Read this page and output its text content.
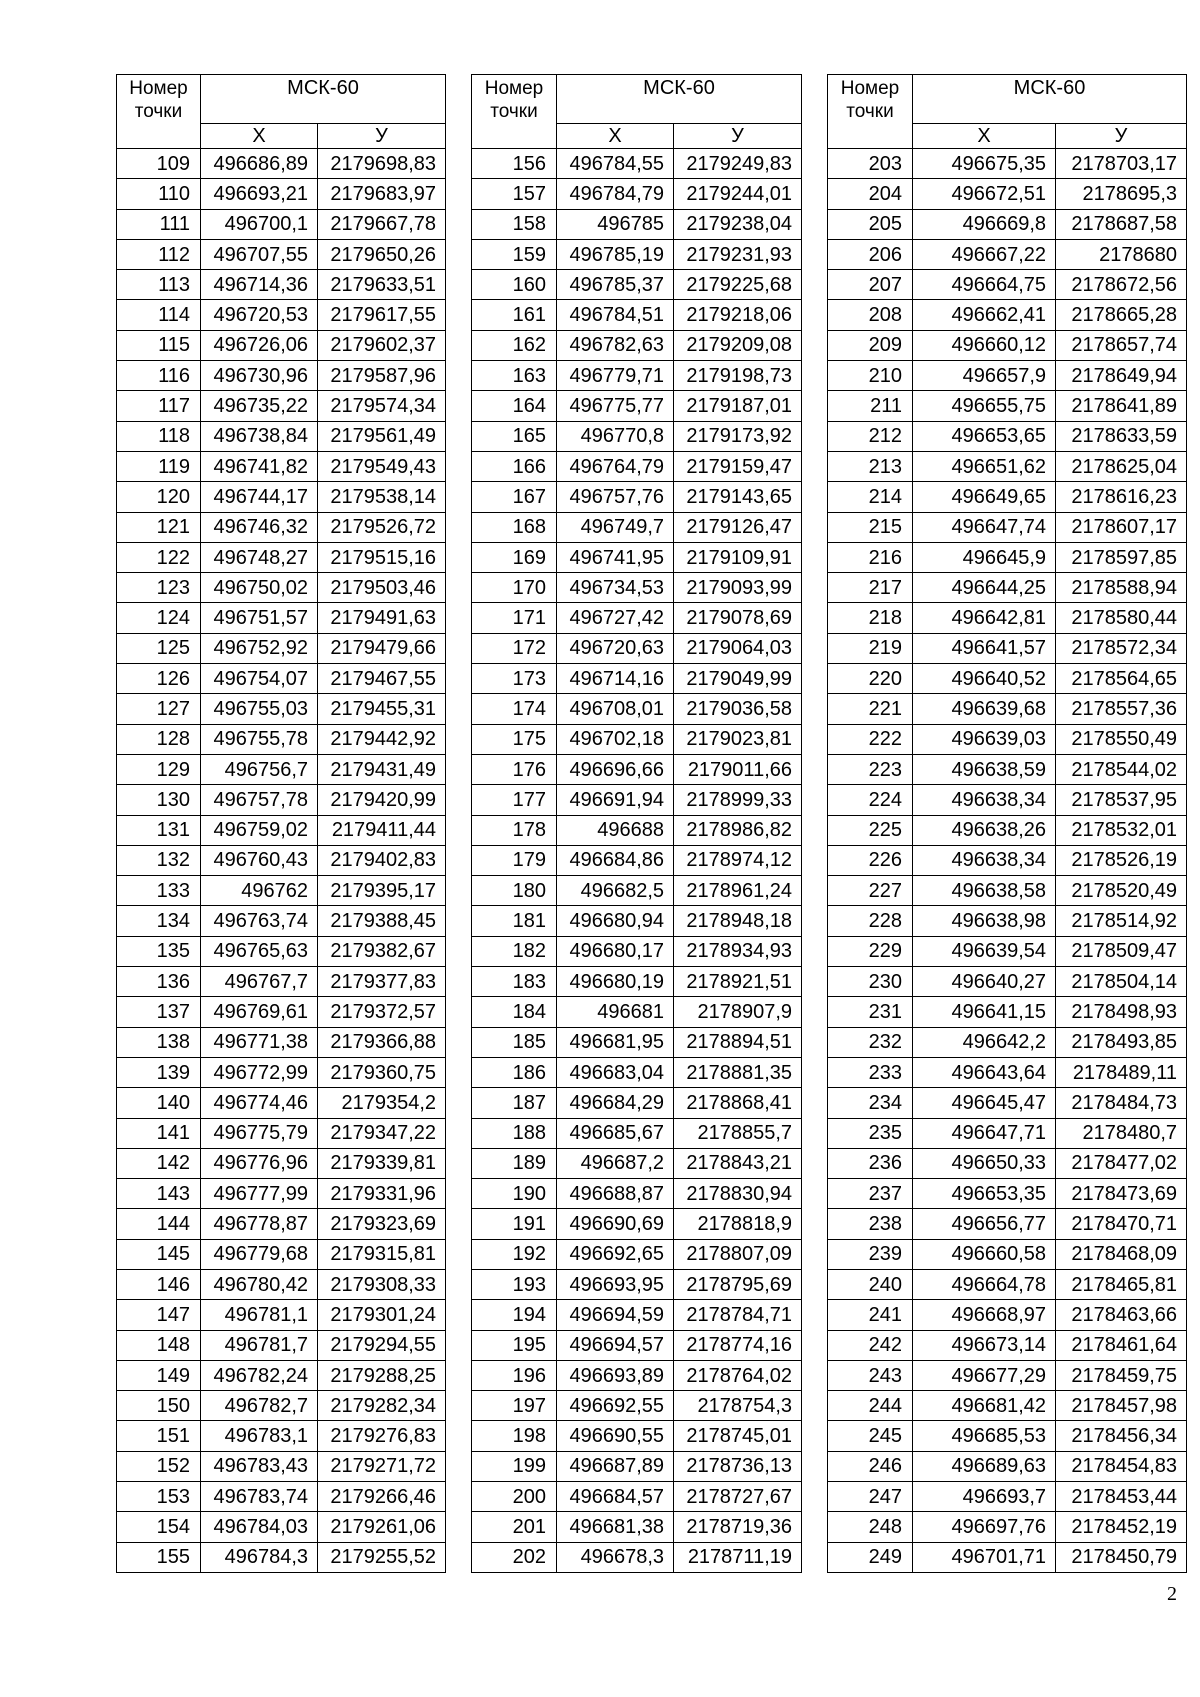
Номер
точки	МСК-60	
	X	У
109	496686,89	2179698,83
110	496693,21	2179683,97
111	496700,1	2179667,78
112	496707,55	2179650,26
113	496714,36	2179633,51
114	496720,53	2179617,55
115	496726,06	2179602,37
116	496730,96	2179587,96
117	496735,22	2179574,34
118	496738,84	2179561,49
119	496741,82	2179549,43
120	496744,17	2179538,14
121	496746,32	2179526,72
122	496748,27	2179515,16
123	496750,02	2179503,46
124	496751,57	2179491,63
125	496752,92	2179479,66
126	496754,07	2179467,55
127	496755,03	2179455,31
128	496755,78	2179442,92
129	496756,7	2179431,49
130	496757,78	2179420,99
131	496759,02	2179411,44
132	496760,43	2179402,83
133	496762	2179395,17
134	496763,74	2179388,45
135	496765,63	2179382,67
136	496767,7	2179377,83
137	496769,61	2179372,57
138	496771,38	2179366,88
139	496772,99	2179360,75
140	496774,46	2179354,2
141	496775,79	2179347,22
142	496776,96	2179339,81
143	496777,99	2179331,96
144	496778,87	2179323,69
145	496779,68	2179315,81
146	496780,42	2179308,33
147	496781,1	2179301,24
148	496781,7	2179294,55
149	496782,24	2179288,25
150	496782,7	2179282,34
151	496783,1	2179276,83
152	496783,43	2179271,72
153	496783,74	2179266,46
154	496784,03	2179261,06
155	496784,3	2179255,52
Номер
точки	МСК-60	
	X	У
156	496784,55	2179249,83
157	496784,79	2179244,01
158	496785	2179238,04
159	496785,19	2179231,93
160	496785,37	2179225,68
161	496784,51	2179218,06
162	496782,63	2179209,08
163	496779,71	2179198,73
164	496775,77	2179187,01
165	496770,8	2179173,92
166	496764,79	2179159,47
167	496757,76	2179143,65
168	496749,7	2179126,47
169	496741,95	2179109,91
170	496734,53	2179093,99
171	496727,42	2179078,69
172	496720,63	2179064,03
173	496714,16	2179049,99
174	496708,01	2179036,58
175	496702,18	2179023,81
176	496696,66	2179011,66
177	496691,94	2178999,33
178	496688	2178986,82
179	496684,86	2178974,12
180	496682,5	2178961,24
181	496680,94	2178948,18
182	496680,17	2178934,93
183	496680,19	2178921,51
184	496681	2178907,9
185	496681,95	2178894,51
186	496683,04	2178881,35
187	496684,29	2178868,41
188	496685,67	2178855,7
189	496687,2	2178843,21
190	496688,87	2178830,94
191	496690,69	2178818,9
192	496692,65	2178807,09
193	496693,95	2178795,69
194	496694,59	2178784,71
195	496694,57	2178774,16
196	496693,89	2178764,02
197	496692,55	2178754,3
198	496690,55	2178745,01
199	496687,89	2178736,13
200	496684,57	2178727,67
201	496681,38	2178719,36
202	496678,3	2178711,19
Номер
точки	МСК-60	
	X	У
203	496675,35	2178703,17
204	496672,51	2178695,3
205	496669,8	2178687,58
206	496667,22	2178680
207	496664,75	2178672,56
208	496662,41	2178665,28
209	496660,12	2178657,74
210	496657,9	2178649,94
211	496655,75	2178641,89
212	496653,65	2178633,59
213	496651,62	2178625,04
214	496649,65	2178616,23
215	496647,74	2178607,17
216	496645,9	2178597,85
217	496644,25	2178588,94
218	496642,81	2178580,44
219	496641,57	2178572,34
220	496640,52	2178564,65
221	496639,68	2178557,36
222	496639,03	2178550,49
223	496638,59	2178544,02
224	496638,34	2178537,95
225	496638,26	2178532,01
226	496638,34	2178526,19
227	496638,58	2178520,49
228	496638,98	2178514,92
229	496639,54	2178509,47
230	496640,27	2178504,14
231	496641,15	2178498,93
232	496642,2	2178493,85
233	496643,64	2178489,11
234	496645,47	2178484,73
235	496647,71	2178480,7
236	496650,33	2178477,02
237	496653,35	2178473,69
238	496656,77	2178470,71
239	496660,58	2178468,09
240	496664,78	2178465,81
241	496668,97	2178463,66
242	496673,14	2178461,64
243	496677,29	2178459,75
244	496681,42	2178457,98
245	496685,53	2178456,34
246	496689,63	2178454,83
247	496693,7	2178453,44
248	496697,76	2178452,19
249	496701,71	2178450,79
2
